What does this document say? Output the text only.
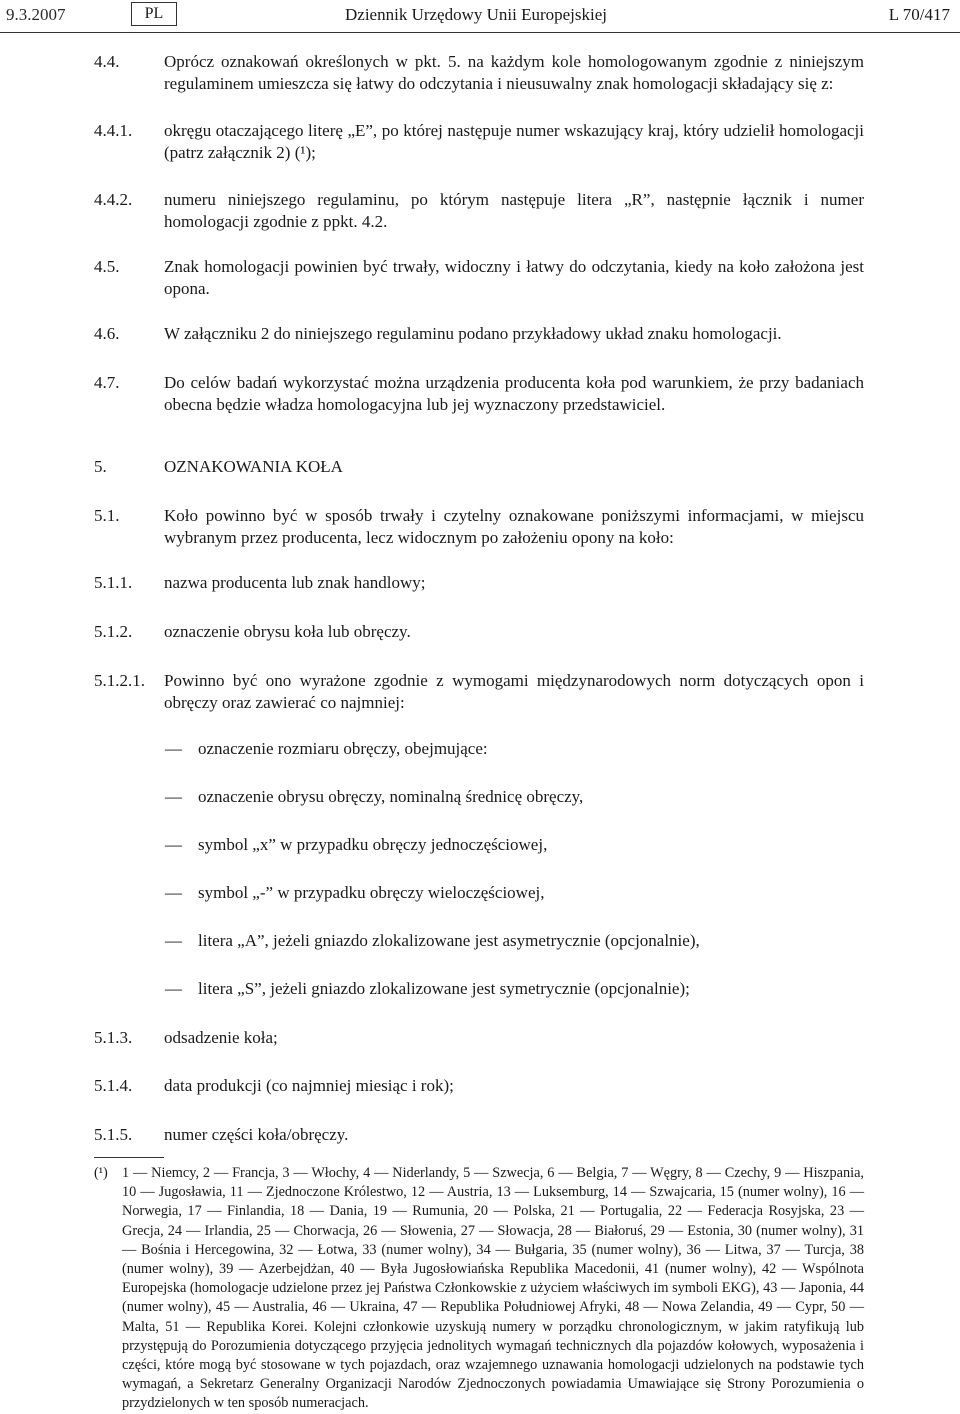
9.3.2007	PL	Dziennik Urzędowy Unii Europejskiej	L 70/417
4.4.	Oprócz oznakowań określonych w pkt. 5. na każdym kole homologowanym zgodnie z niniejszym regulaminem umieszcza się łatwy do odczytania i nieusuwalny znak homologacji składający się z:
4.4.1. okręgu otaczającego literę „E”, po której następuje numer wskazujący kraj, który udzielił homologacji (patrz załącznik 2) (¹);
4.4.2. numeru niniejszego regulaminu, po którym następuje litera „R”, następnie łącznik i numer homologacji zgodnie z ppkt. 4.2.
4.5.	Znak homologacji powinien być trwały, widoczny i łatwy do odczytania, kiedy na koło założona jest opona.
4.6.	W załączniku 2 do niniejszego regulaminu podano przykładowy układ znaku homologacji.
4.7.	Do celów badań wykorzystać można urządzenia producenta koła pod warunkiem, że przy badaniach obecna będzie władza homologacyjna lub jej wyznaczony przedstawiciel.
5.	OZNAKOWANIA KOŁA
5.1.	Koło powinno być w sposób trwały i czytelny oznakowane poniższymi informacjami, w miejscu wybranym przez producenta, lecz widocznym po założeniu opony na koło:
5.1.1. nazwa producenta lub znak handlowy;
5.1.2. oznaczenie obrysu koła lub obręczy.
5.1.2.1. Powinno być ono wyrażone zgodnie z wymogami międzynarodowych norm dotyczących opon i obręczy oraz zawierać co najmniej:
— oznaczenie rozmiaru obręczy, obejmujące:
— oznaczenie obrysu obręczy, nominalną średnicę obręczy,
— symbol „x” w przypadku obręczy jednoczęściowej,
— symbol „-” w przypadku obręczy wieloczęściowej,
— litera „A”, jeżeli gniazdo zlokalizowane jest asymetrycznie (opcjonalnie),
— litera „S”, jeżeli gniazdo zlokalizowane jest symetrycznie (opcjonalnie);
5.1.3. odsadzenie koła;
5.1.4. data produkcji (co najmniej miesiąc i rok);
5.1.5. numer części koła/obręczy.
(¹) 1 — Niemcy, 2 — Francja, 3 — Włochy, 4 — Niderlandy, 5 — Szwecja, 6 — Belgia, 7 — Węgry, 8 — Czechy, 9 — Hiszpania, 10 — Jugosławia, 11 — Zjednoczone Królestwo, 12 — Austria, 13 — Luksemburg, 14 — Szwajcaria, 15 (numer wolny), 16 — Norwegia, 17 — Finlandia, 18 — Dania, 19 — Rumunia, 20 — Polska, 21 — Portugalia, 22 — Federacja Rosyjska, 23 — Grecja, 24 — Irlandia, 25 — Chorwacja, 26 — Słowenia, 27 — Słowacja, 28 — Białoruś, 29 — Estonia, 30 (numer wolny), 31 — Bośnia i Hercegowina, 32 — Łotwa, 33 (numer wolny), 34 — Bułgaria, 35 (numer wolny), 36 — Litwa, 37 — Turcja, 38 (numer wolny), 39 — Azerbejdżan, 40 — Była Jugosłowiańska Republika Macedonii, 41 (numer wolny), 42 — Wspólnota Europejska (homologacje udzielone przez jej Państwa Członkowskie z użyciem właściwych im symboli EKG), 43 — Japonia, 44 (numer wolny), 45 — Australia, 46 — Ukraina, 47 — Republika Południowej Afryki, 48 — Nowa Zelandia, 49 — Cypr, 50 — Malta, 51 — Republika Korei. Kolejni członkowie uzyskują numery w porządku chronologicznym, w jakim ratyfikują lub przystępują do Porozumienia dotyczącego przyjęcia jednolitych wymagań technicznych dla pojazdów kołowych, wyposażenia i części, które mogą być stosowane w tych pojazdach, oraz wzajemnego uznawania homologacji udzielonych na podstawie tych wymagań, a Sekretarz Generalny Organizacji Narodów Zjednoczonych powiadamia Umawiające się Strony Porozumienia o przydzielonych w ten sposób numeracjach.
